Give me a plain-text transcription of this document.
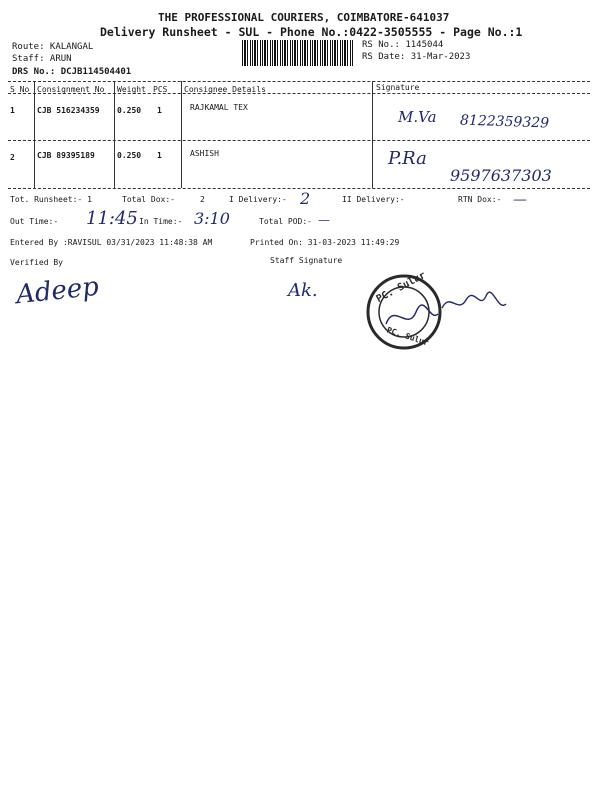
THE PROFESSIONAL COURIERS, COIMBATORE-641037
Delivery Runsheet - SUL - Phone No.:0422-3505555 - Page No.:1
Route: KALANGAL
Staff: ARUN
DRS No.: DCJB114504401
RS No.: 1145044
RS Date: 31-Mar-2023
S No Consignment No Weight PCS Consignee Details	Signature
1	CJB 516234359 0.250 1	RAJKAMAL TEX
M.Va 8122359329
2	CJB 89395189	0.250 1	ASHISH	P.Ra
9597637303
Tot. Runsheet:- 1	Total Dox:-	2	I Delivery:- 2	II Delivery:-	RTN Dox:- —
Out Time:- 11:45 In Time:- 3:10	Total POD:- —
Entered By :RAVISUL 03/31/2023 11:48:38 AM	Printed On: 31-03-2023 11:49:29
Verified By	Staff Signature
Adeep	Ak.	PC. Sulur
PC. Sulur
